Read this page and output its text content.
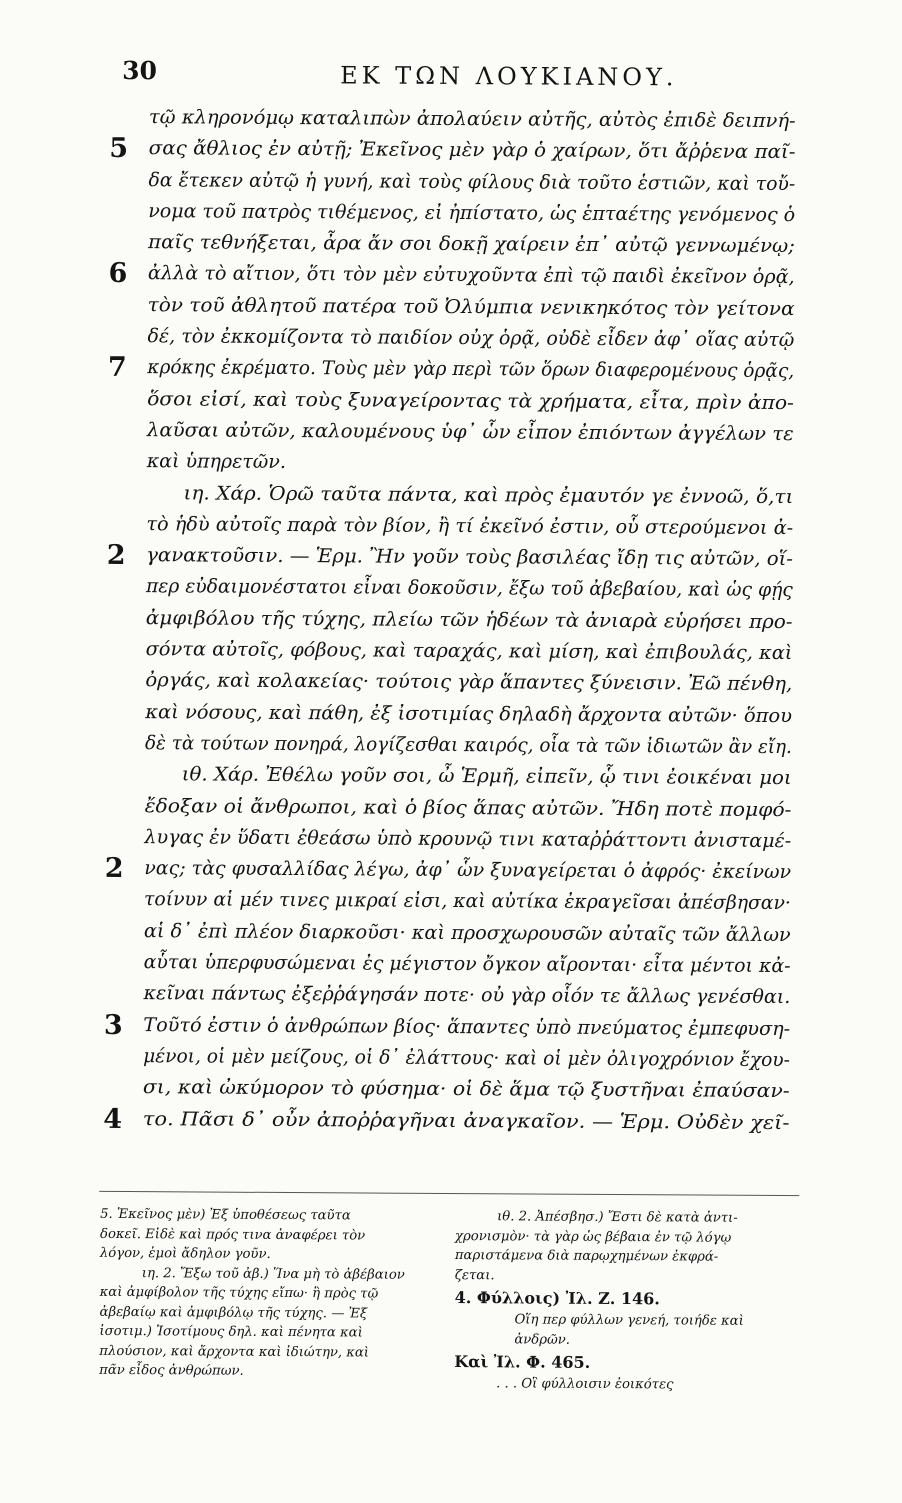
30	ΕΚ ΤΩΝ ΛΟΥΚΙΑΝΟΥ.
τῷ κληρονόμῳ καταλιπὼν ἀπολαύειν αὐτῆς, αὐτὸς ἐπιδὲ δειπνή-
5 σας ἄθλιος ἐν αὐτῇ; Ἐκεῖνος μὲν γὰρ ὁ χαίρων, ὅτι ἄῤῥενα παῖ-
δα ἔτεκεν αὐτῷ ἡ γυνή, καὶ τοὺς φίλους διὰ τοῦτο ἑστιῶν, καὶ τοὔ-
νομα τοῦ πατρὸς τιθέμενος, εἰ ἠπίστατο, ὡς ἑπταέτης γενόμενος ὁ
παῖς τεθνήξεται, ἆρα ἄν σοι δοκῇ χαίρειν ἐπ᾽ αὐτῷ γεννωμένῳ;
6 ἀλλὰ τὸ αἴτιον, ὅτι τὸν μὲν εὐτυχοῦντα ἐπὶ τῷ παιδὶ ἐκεῖνον ὁρᾷ,
τὸν τοῦ ἀθλητοῦ πατέρα τοῦ Ὀλύμπια νενικηκότος τὸν γείτονα
δέ, τὸν ἐκκομίζοντα τὸ παιδίον οὐχ ὁρᾷ, οὐδὲ εἶδεν ἀφ᾽ οἵας αὐτῷ
7 κρόκης ἐκρέματο. Τοὺς μὲν γὰρ περὶ τῶν ὅρων διαφερομένους ὁρᾷς,
ὅσοι εἰσί, καὶ τοὺς ξυναγείροντας τὰ χρήματα, εἶτα, πρὶν ἀπο-
λαῦσαι αὐτῶν, καλουμένους ὑφ᾽ ὧν εἶπον ἐπιόντων ἀγγέλων τε
καὶ ὑπηρετῶν.
ιη. Χάρ. Ὁρῶ ταῦτα πάντα, καὶ πρὸς ἐμαυτόν γε ἐννοῶ, ὅ,τι
τὸ ἡδὺ αὐτοῖς παρὰ τὸν βίον, ἢ τί ἐκεῖνό ἐστιν, οὗ στερούμενοι ἀ-
2 γανακτοῦσιν. — Ἑρμ. Ἢν γοῦν τοὺς βασιλέας ἴδῃ τις αὐτῶν, οἵ-
περ εὐδαιμονέστατοι εἶναι δοκοῦσιν, ἔξω τοῦ ἀβεβαίου, καὶ ὡς φῄς
ἀμφιβόλου τῆς τύχης, πλείω τῶν ἡδέων τὰ ἀνιαρὰ εὑρήσει προ-
σόντα αὐτοῖς, φόβους, καὶ ταραχάς, καὶ μίση, καὶ ἐπιβουλάς, καὶ
ὀργάς, καὶ κολακείας· τούτοις γὰρ ἅπαντες ξύνεισιν. Ἐῶ πένθη,
καὶ νόσους, καὶ πάθη, ἐξ ἰσοτιμίας δηλαδὴ ἄρχοντα αὐτῶν· ὅπου
δὲ τὰ τούτων πονηρά, λογίζεσθαι καιρός, οἷα τὰ τῶν ἰδιωτῶν ἂν εἴη.
ιθ. Χάρ. Ἐθέλω γοῦν σοι, ὦ Ἑρμῆ, εἰπεῖν, ᾧ τινι ἐοικέναι μοι
ἔδοξαν οἱ ἄνθρωποι, καὶ ὁ βίος ἅπας αὐτῶν. Ἤδη ποτὲ πομφό-
λυγας ἐν ὕδατι ἐθεάσω ὑπὸ κρουνῷ τινι καταῤῥάττοντι ἀνισταμέ-
2 νας; τὰς φυσαλλίδας λέγω, ἀφ᾽ ὧν ξυναγείρεται ὁ ἀφρός· ἐκείνων
τοίνυν αἱ μέν τινες μικραί εἰσι, καὶ αὐτίκα ἐκραγεῖσαι ἀπέσβησαν·
αἱ δ᾽ ἐπὶ πλέον διαρκοῦσι· καὶ προσχωρουσῶν αὐταῖς τῶν ἄλλων
αὗται ὑπερφυσώμεναι ἐς μέγιστον ὄγκον αἴρονται· εἶτα μέντοι κἀ-
κεῖναι πάντως ἐξεῤῥάγησάν ποτε· οὐ γὰρ οἷόν τε ἄλλως γενέσθαι.
3 Τοῦτό ἐστιν ὁ ἀνθρώπων βίος· ἅπαντες ὑπὸ πνεύματος ἐμπεφυση-
μένοι, οἱ μὲν μείζους, οἱ δ᾽ ἐλάττους· καὶ οἱ μὲν ὀλιγοχρόνιον ἔχου-
σι, καὶ ὠκύμορον τὸ φύσημα· οἱ δὲ ἅμα τῷ ξυστῆναι ἐπαύσαν-
4 το. Πᾶσι δ᾽ οὖν ἀποῤῥαγῆναι ἀναγκαῖον. — Ἑρμ. Οὐδὲν χεῖ-
5. Ἐκεῖνος μὲν) Ἐξ ὑποθέσεως ταῦτα
δοκεῖ. Εἰδὲ καὶ πρός τινα ἀναφέρει τὸν
λόγον, ἐμοὶ ἄδηλον γοῦν.
ιη. 2. Ἔξω τοῦ ἀβ.) Ἵνα μὴ τὸ ἀβέβαιον
καὶ ἀμφίβολον τῆς τύχης εἴπω· ἢ πρὸς τῷ
ἀβεβαίῳ καὶ ἀμφιβόλῳ τῆς τύχης. — Ἐξ
ἰσοτιμ.) Ἰσοτίμους δηλ. καὶ πένητα καὶ
πλούσιον, καὶ ἄρχοντα καὶ ἰδιώτην, καὶ
πᾶν εἶδος ἀνθρώπων.
ιθ. 2. Ἀπέσβησ.) Ἔστι δὲ κατὰ ἀντι-
χρονισμὸν· τὰ γὰρ ὡς βέβαια ἐν τῷ λόγῳ
παριστάμενα διὰ παρῳχημένων ἐκφρά-
ζεται.
4. Φύλλοις) Ἰλ. Ζ. 146.
Οἵη περ φύλλων γενεή, τοιήδε καὶ
ἀνδρῶν.
Καὶ Ἰλ. Φ. 465.
. . . Οἳ φύλλοισιν ἐοικότες
